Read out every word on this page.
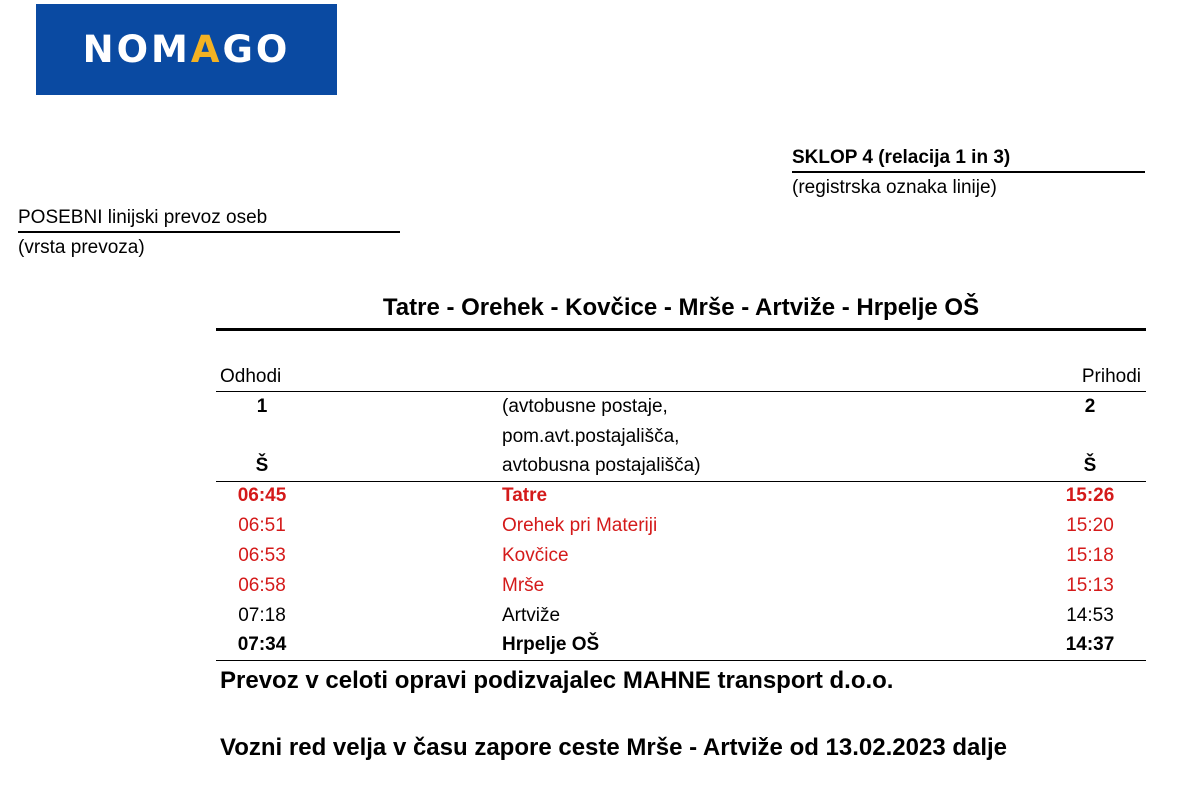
NOMAGO
SKLOP 4 (relacija 1 in 3)
(registrska oznaka linije)
POSEBNI linijski prevoz oseb
(vrsta prevoza)
Tatre - Orehek - Kovčice - Mrše - Artviže - Hrpelje OŠ
Odhodi	Prihodi
1	(avtobusne postaje,	2
pom.avt.postajališča,
Š	avtobusna postajališča)	Š
06:45	Tatre	15:26
06:51	Orehek pri Materiji	15:20
06:53	Kovčice	15:18
06:58	Mrše	15:13
07:18	Artviže	14:53
07:34	Hrpelje OŠ	14:37
Prevoz v celoti opravi podizvajalec MAHNE transport d.o.o.
Vozni red velja v času zapore ceste Mrše - Artviže od 13.02.2023 dalje
